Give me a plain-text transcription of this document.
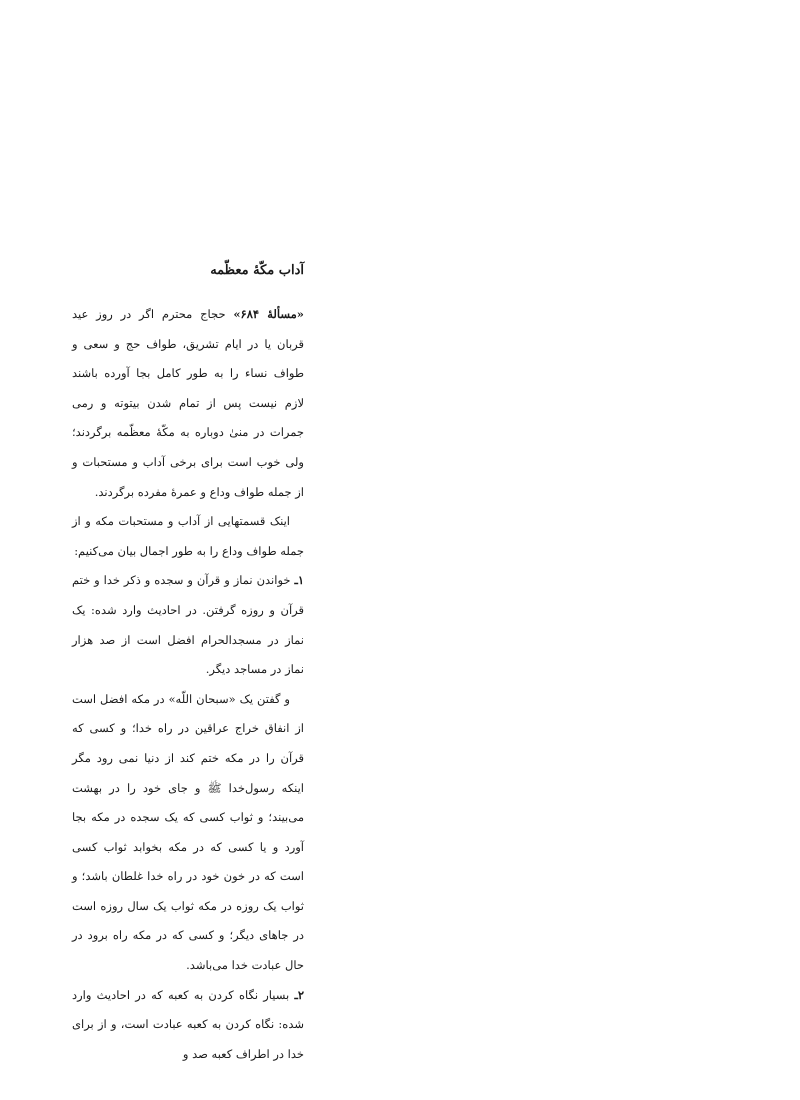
آداب مکّهٔ معظّمه

«مسألهٔ ۶۸۴» حجاج محترم اگر در روز عید قربان یا در ایام تشریق، طواف حج و سعی و طواف نساء را به طور کامل بجا آورده باشند لازم نیست پس از تمام شدن بیتوته و رمی جمرات در منیٰ دوباره به مکّهٔ معظّمه برگردند؛ ولی خوب است برای برخی آداب و مستحبات و از جمله طواف وداع و عمرهٔ مفرده برگردند.

اینک قسمتهایی از آداب و مستحبات مکه و از جمله طواف وداع را به طور اجمال بیان می‌کنیم:

۱ـ خواندن نماز و قرآن و سجده و ذکر خدا و ختم قرآن و روزه گرفتن. در احادیث وارد شده: یک نماز در مسجدالحرام افضل است از صد هزار نماز در مساجد دیگر.

و گفتن یک «سبحان اللّه» در مکه افضل است از انفاق خراج عراقین در راه خدا؛ و کسی که قرآن را در مکه ختم کند از دنیا نمی رود مگر اینکه رسول‌خدا ﷺ و جای خود را در بهشت می‌بیند؛ و ثواب کسی که یک سجده در مکه بجا آورد و یا کسی که در مکه بخوابد ثواب کسی است که در خون خود در راه خدا غلطان باشد؛ و ثواب یک روزه در مکه ثواب یک سال روزه است در جاهای دیگر؛ و کسی که در مکه راه برود در حال عبادت خدا می‌باشد.

۲ـ بسیار نگاه کردن به کعبه که در احادیث وارد شده: نگاه کردن به کعبه عبادت است، و از برای خدا در اطراف کعبه صد و
